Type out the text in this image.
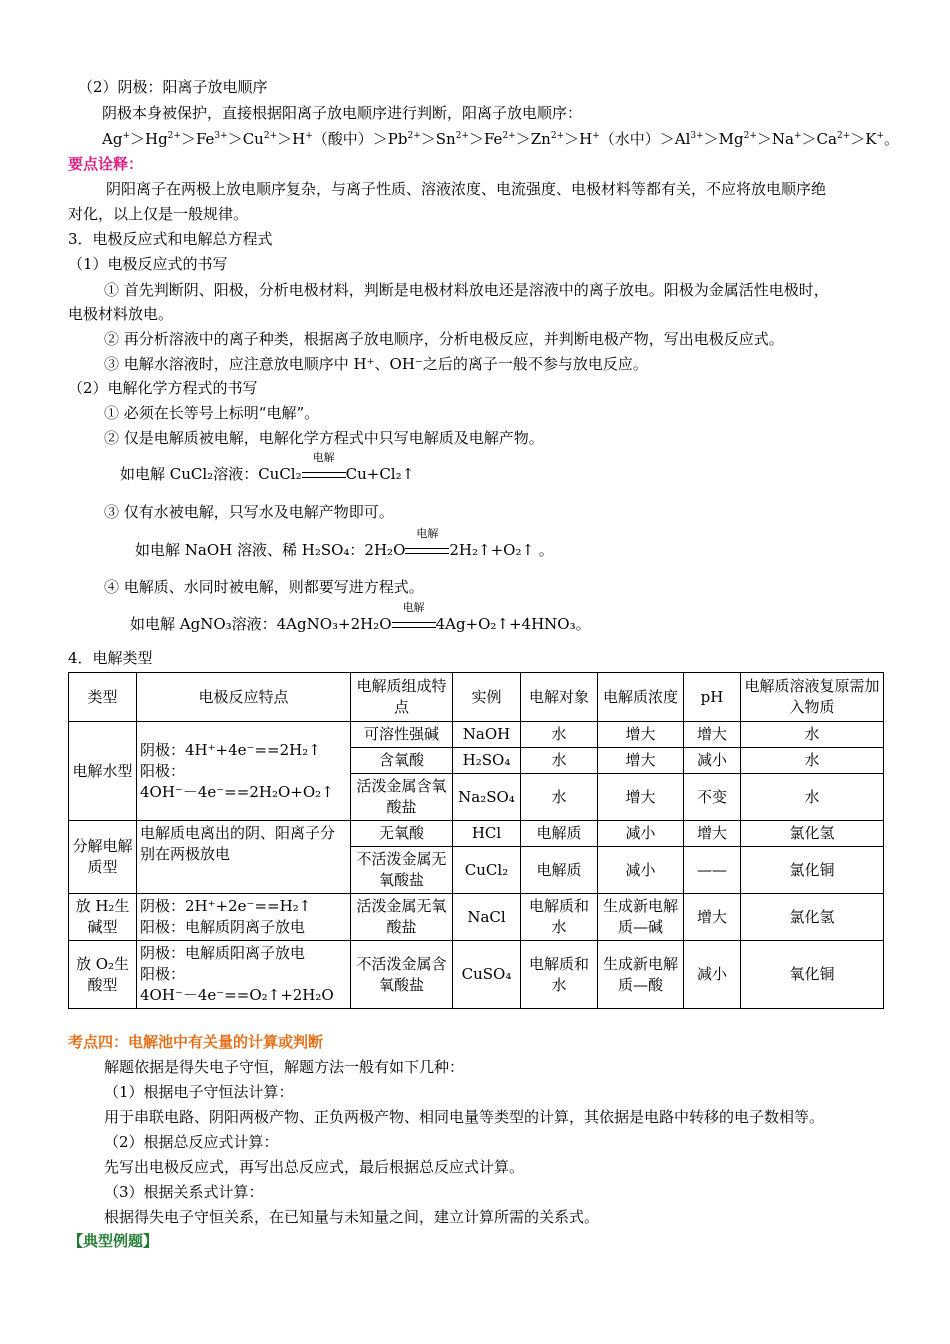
（2）阴极：阳离子放电顺序
阴极本身被保护，直接根据阳离子放电顺序进行判断，阳离子放电顺序：
$Ag^+>Hg^{2+}>Fe^{3+}>Cu^{2+}>H^+$（酸中）$>Pb^{2+}>Sn^{2+}>Fe^{2+}>Zn^{2+}>H^+$（水中）$>Al^{3+}>Mg^{2+}>Na^+>Ca^{2+}>K^+$。
要点诠释：
阴阳离子在两极上放电顺序复杂，与离子性质、溶液浓度、电流强度、电极材料等都有关，不应将放电顺序绝
对化，以上仅是一般规律。
3．电极反应式和电解总方程式
（1）电极反应式的书写
① 首先判断阴、阳极，分析电极材料，判断是电极材料放电还是溶液中的离子放电。阳极为金属活性电极时，
电极材料放电。
② 再分析溶液中的离子种类，根据离子放电顺序，分析电极反应，并判断电极产物，写出电极反应式。
③ 电解水溶液时，应注意放电顺序中 H⁺、OH⁻之后的离子一般不参与放电反应。
（2）电解化学方程式的书写
① 必须在长等号上标明“电解”。
② 仅是电解质被电解，电解化学方程式中只写电解质及电解产物。
如电解 CuCl₂溶液：CuCl₂
电解
Cu+Cl₂↑
③ 仅有水被电解，只写水及电解产物即可。
如电解 NaOH 溶液、稀 H₂SO₄：2H₂O
电解
2H₂↑+O₂↑ 。
④ 电解质、水同时被电解，则都要写进方程式。
如电解 AgNO₃溶液：4AgNO₃+2H₂O
电解
4Ag+O₂↑+4HNO₃。
4．电解类型
类型	电极反应特点	电解质组成特点	实例	电解对象	电解质浓度	pH	电解质溶液复原需加入物质
电解水型	阴极：4H⁺+4e⁻==2H₂↑
阳极：
4OH⁻－4e⁻==2H₂O+O₂↑	可溶性强碱	NaOH	水	增大	增大	水
		含氧酸	H₂SO₄	水	增大	减小	水
		活泼金属含氧酸盐	Na₂SO₄	水	增大	不变	水
分解电解质型	电解质电离出的阴、阳离子分别在两极放电	无氧酸	HCl	电解质	减小	增大	氯化氢
		不活泼金属无氧酸盐	CuCl₂	电解质	减小	——	氯化铜
放 H₂生碱型	阴极：2H⁺+2e⁻==H₂↑
阳极：电解质阴离子放电	活泼金属无氧酸盐	NaCl	电解质和水	生成新电解质—碱	增大	氯化氢
放 O₂生酸型	阴极：电解质阳离子放电
阳极：
4OH⁻－4e⁻==O₂↑+2H₂O	不活泼金属含氧酸盐	CuSO₄	电解质和水	生成新电解质—酸	减小	氧化铜
考点四：电解池中有关量的计算或判断
解题依据是得失电子守恒，解题方法一般有如下几种：
（1）根据电子守恒法计算：
用于串联电路、阴阳两极产物、正负两极产物、相同电量等类型的计算，其依据是电路中转移的电子数相等。
（2）根据总反应式计算：
先写出电极反应式，再写出总反应式，最后根据总反应式计算。
（3）根据关系式计算：
根据得失电子守恒关系，在已知量与未知量之间，建立计算所需的关系式。
【典型例题】
